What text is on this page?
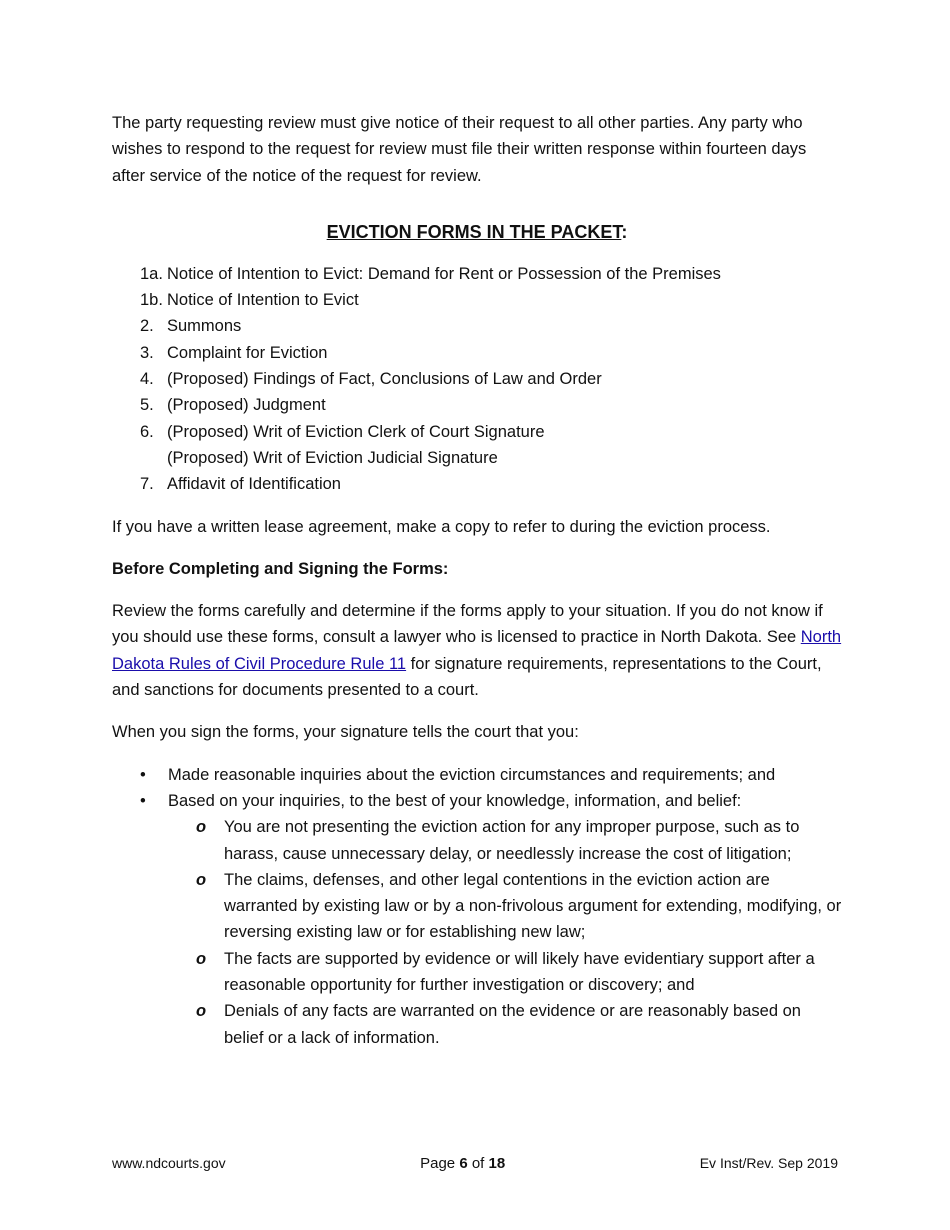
The party requesting review must give notice of their request to all other parties. Any party who wishes to respond to the request for review must file their written response within fourteen days after service of the notice of the request for review.

EVICTION FORMS IN THE PACKET:
1a. Notice of Intention to Evict: Demand for Rent or Possession of the Premises
1b. Notice of Intention to Evict
2. Summons
3. Complaint for Eviction
4. (Proposed) Findings of Fact, Conclusions of Law and Order
5. (Proposed) Judgment
6. (Proposed) Writ of Eviction Clerk of Court Signature
(Proposed) Writ of Eviction Judicial Signature
7. Affidavit of Identification

If you have a written lease agreement, make a copy to refer to during the eviction process.

Before Completing and Signing the Forms:

Review the forms carefully and determine if the forms apply to your situation. If you do not know if you should use these forms, consult a lawyer who is licensed to practice in North Dakota. See North Dakota Rules of Civil Procedure Rule 11 for signature requirements, representations to the Court, and sanctions for documents presented to a court.

When you sign the forms, your signature tells the court that you:

•	Made reasonable inquiries about the eviction circumstances and requirements; and
•	Based on your inquiries, to the best of your knowledge, information, and belief:
o	You are not presenting the eviction action for any improper purpose, such as to harass, cause unnecessary delay, or needlessly increase the cost of litigation;
o	The claims, defenses, and other legal contentions in the eviction action are warranted by existing law or by a non-frivolous argument for extending, modifying, or reversing existing law or for establishing new law;
o	The facts are supported by evidence or will likely have evidentiary support after a reasonable opportunity for further investigation or discovery; and
o	Denials of any facts are warranted on the evidence or are reasonably based on belief or a lack of information.
www.ndcourts.gov	Page 6 of 18	Ev Inst/Rev. Sep 2019
